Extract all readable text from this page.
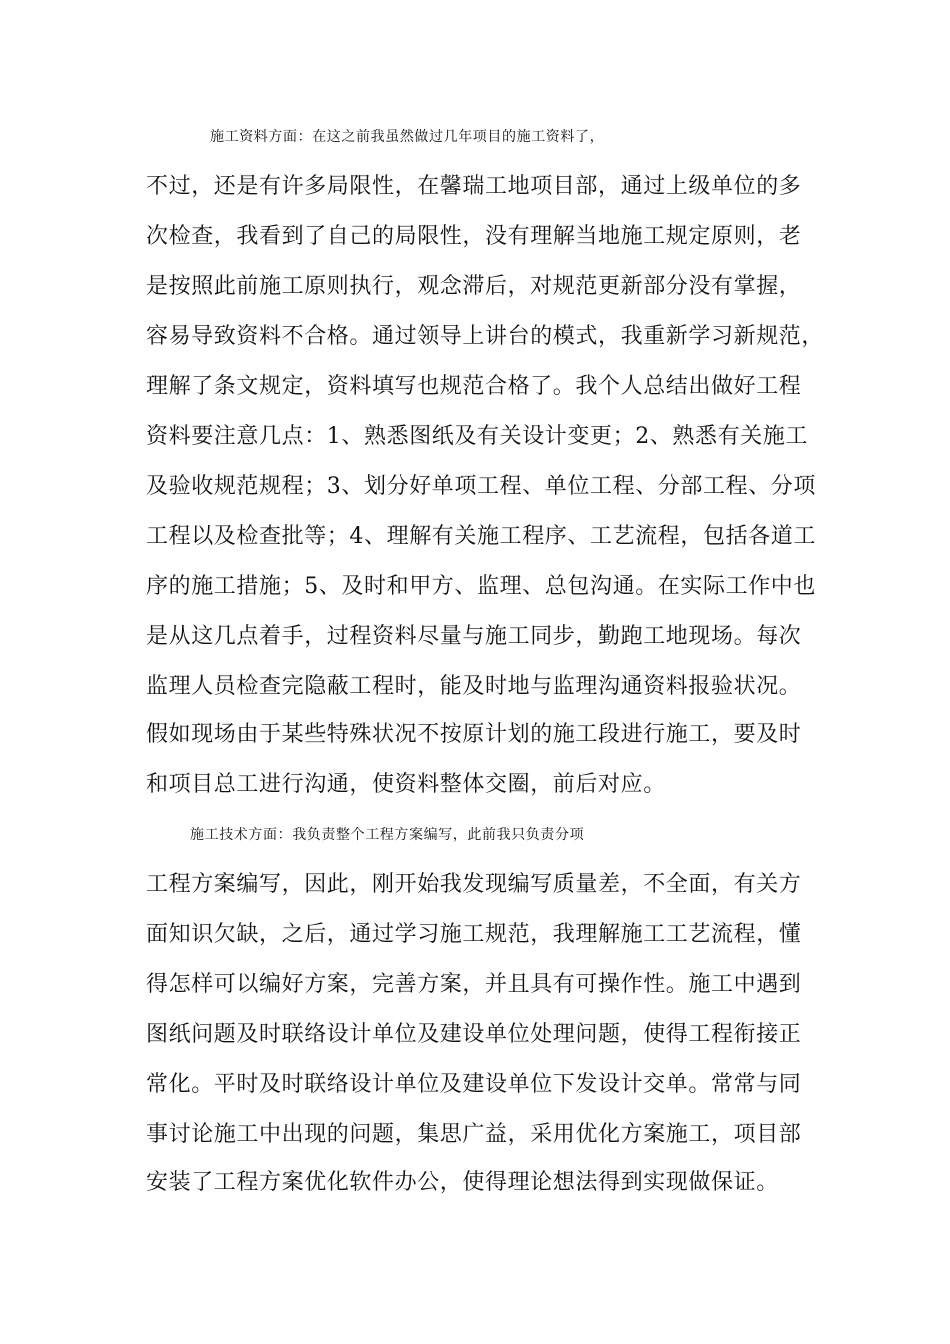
施工资料方面：在这之前我虽然做过几年项目的施工资料了，
不过，还是有许多局限性，在馨瑞工地项目部，通过上级单位的多
次检查，我看到了自己的局限性，没有理解当地施工规定原则，老
是按照此前施工原则执行，观念滞后，对规范更新部分没有掌握，
容易导致资料不合格。通过领导上讲台的模式，我重新学习新规范，
理解了条文规定，资料填写也规范合格了。我个人总结出做好工程
资料要注意几点：1、熟悉图纸及有关设计变更；2、熟悉有关施工
及验收规范规程；3、划分好单项工程、单位工程、分部工程、分项
工程以及检查批等；4、理解有关施工程序、工艺流程，包括各道工
序的施工措施；5、及时和甲方、监理、总包沟通。在实际工作中也
是从这几点着手，过程资料尽量与施工同步，勤跑工地现场。每次
监理人员检查完隐蔽工程时，能及时地与监理沟通资料报验状况。
假如现场由于某些特殊状况不按原计划的施工段进行施工，要及时
和项目总工进行沟通，使资料整体交圈，前后对应。
施工技术方面：我负责整个工程方案编写，此前我只负责分项
工程方案编写，因此，刚开始我发现编写质量差，不全面，有关方
面知识欠缺，之后，通过学习施工规范，我理解施工工艺流程，懂
得怎样可以编好方案，完善方案，并且具有可操作性。施工中遇到
图纸问题及时联络设计单位及建设单位处理问题，使得工程衔接正
常化。平时及时联络设计单位及建设单位下发设计交单。常常与同
事讨论施工中出现的问题，集思广益，采用优化方案施工，项目部
安装了工程方案优化软件办公，使得理论想法得到实现做保证。
